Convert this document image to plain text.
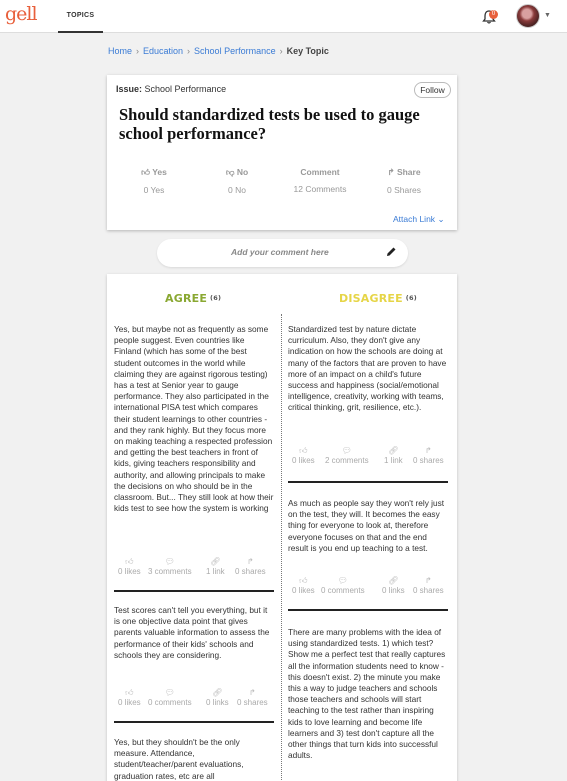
gell	TOPICS	0	▼
Home › Education › School Performance › Key Topic
Issue: School Performance	Follow
Should standardized tests be used to gauge school performance?
👍︎ Yes
0 Yes
👎︎ No
0 No
Comment
12 Comments
↱ Share
0 Shares
Attach Link ⌄
Add your comment here
AGREE (6)	DISAGREE (6)
Yes, but maybe not as frequently as some people suggest. Even countries like Finland (which has some of the best student outcomes in the world while claiming they are against rigorous testing) has a test at Senior year to gauge performance. They also participated in the international PISA test which compares their student learnings to other countries - and they rank highly. But they focus more on making teaching a respected profession and getting the best teachers in front of kids, giving teachers responsibility and authority, and allowing principals to make the decisions on who should be in the classroom. But... They still look at how their kids test to see how the system is working
👍︎
0 likes
💬︎
3 comments
🔗︎
1 link
↱
0 shares
Test scores can't tell you everything, but it is one objective data point that gives parents valuable information to assess the performance of their kids' schools and schools they are considering.
👍︎
0 likes
💬︎
0 comments
🔗︎
0 links
↱
0 shares
Yes, but they shouldn't be the only measure. Attendance, student/teacher/parent evaluations, graduation rates, etc are all
Standardized test by nature dictate curriculum. Also, they don't give any indication on how the schools are doing at many of the factors that are proven to have more of an impact on a child's future success and happiness (social/emotional intelligence, creativity, working with teams, critical thinking, grit, resilience, etc.).
👍︎
0 likes
💬︎
2 comments
🔗︎
1 link
↱
0 shares
As much as people say they won't rely just on the test, they will. It becomes the easy thing for everyone to look at, therefore everyone focuses on that and the end result is you end up teaching to a test.
👍︎
0 likes
💬︎
0 comments
🔗︎
0 links
↱
0 shares
There are many problems with the idea of using standardized tests. 1) which test? Show me a perfect test that really captures all the information students need to know - this doesn't exist. 2) the minute you make this a way to judge teachers and schools those teachers and schools will start teaching to the test rather than inspiring kids to love learning and become life learners and 3) test don't capture all the other things that turn kids into successful adults.
